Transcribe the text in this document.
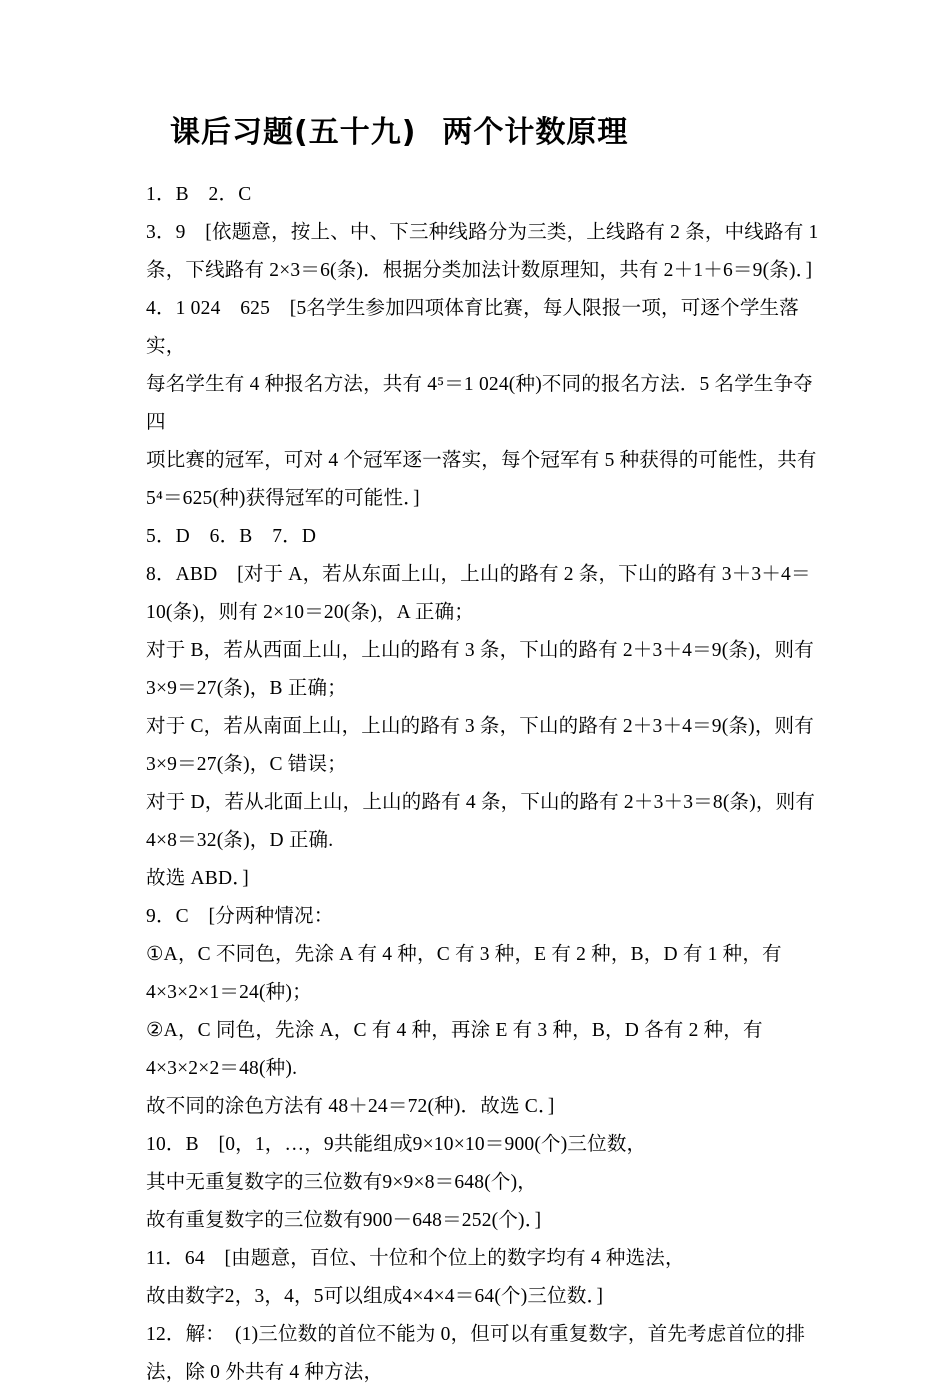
课后习题(五十九) 两个计数原理
1．B　2．C
3．9　[依题意，按上、中、下三种线路分为三类，上线路有 2 条，中线路有 1
条，下线路有 2×3＝6(条)．根据分类加法计数原理知，共有 2＋1＋6＝9(条)．]
4．1 024　625　[5名学生参加四项体育比赛，每人限报一项，可逐个学生落实，
每名学生有 4 种报名方法，共有 4⁵＝1 024(种)不同的报名方法．5 名学生争夺四
项比赛的冠军，可对 4 个冠军逐一落实，每个冠军有 5 种获得的可能性，共有
5⁴＝625(种)获得冠军的可能性．]
5．D　6．B　7．D
8．ABD　[对于 A，若从东面上山，上山的路有 2 条，下山的路有 3＋3＋4＝
10(条)，则有 2×10＝20(条)，A 正确；
对于 B，若从西面上山，上山的路有 3 条，下山的路有 2＋3＋4＝9(条)，则有
3×9＝27(条)，B 正确；
对于 C，若从南面上山，上山的路有 3 条，下山的路有 2＋3＋4＝9(条)，则有
3×9＝27(条)，C 错误；
对于 D，若从北面上山，上山的路有 4 条，下山的路有 2＋3＋3＝8(条)，则有
4×8＝32(条)，D 正确.
故选 ABD．]
9．C　[分两种情况：
①A，C 不同色，先涂 A 有 4 种，C 有 3 种，E 有 2 种，B，D 有 1 种，有
4×3×2×1＝24(种)；
②A，C 同色，先涂 A，C 有 4 种，再涂 E 有 3 种，B，D 各有 2 种，有
4×3×2×2＝48(种).
故不同的涂色方法有 48＋24＝72(种)．故选 C．]
10．B　[0，1，…，9共能组成9×10×10＝900(个)三位数，
其中无重复数字的三位数有9×9×8＝648(个)，
故有重复数字的三位数有900－648＝252(个)．]
11．64　[由题意，百位、十位和个位上的数字均有 4 种选法，
故由数字2，3，4，5可以组成4×4×4＝64(个)三位数．]
12．解：　(1)三位数的首位不能为 0，但可以有重复数字，首先考虑首位的排
法，除 0 外共有 4 种方法，
